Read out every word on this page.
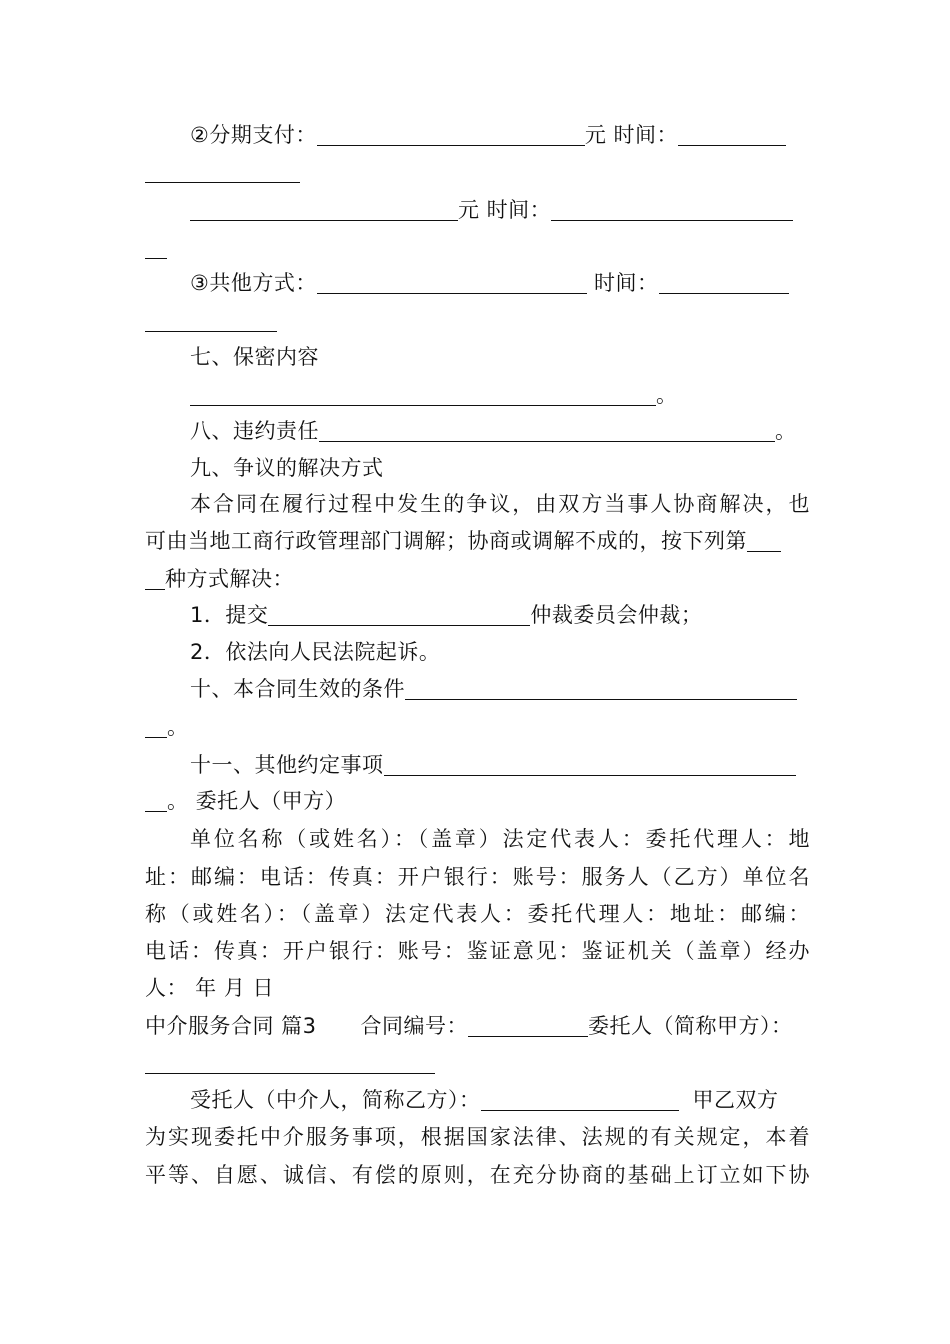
②分期支付：	元 时间：
元 时间：
③共他方式：	时间：
七、保密内容
。
八、违约责任	。
九、争议的解决方式
本合同在履行过程中发生的争议，由双方当事人协商解决，也
可由当地工商行政管理部门调解；协商或调解不成的，按下列第
种方式解决：
1．提交	仲裁委员会仲裁；
2．依法向人民法院起诉。
十、本合同生效的条件
。
十一、其他约定事项
。 委托人（甲方）
单位名称（或姓名）：（盖章）法定代表人：委托代理人：地
址：邮编：电话：传真：开户银行：账号：服务人（乙方）单位名
称（或姓名）：（盖章）法定代表人：委托代理人：地址：邮编：
电话：传真：开户银行：账号：鉴证意见：鉴证机关（盖章）经办
人： 年 月 日
中介服务合同 篇3 合同编号：	委托人（简称甲方）：
受托人（中介人，简称乙方）：	甲乙双方
为实现委托中介服务事项，根据国家法律、法规的有关规定，本着
平等、自愿、诚信、有偿的原则，在充分协商的基础上订立如下协
